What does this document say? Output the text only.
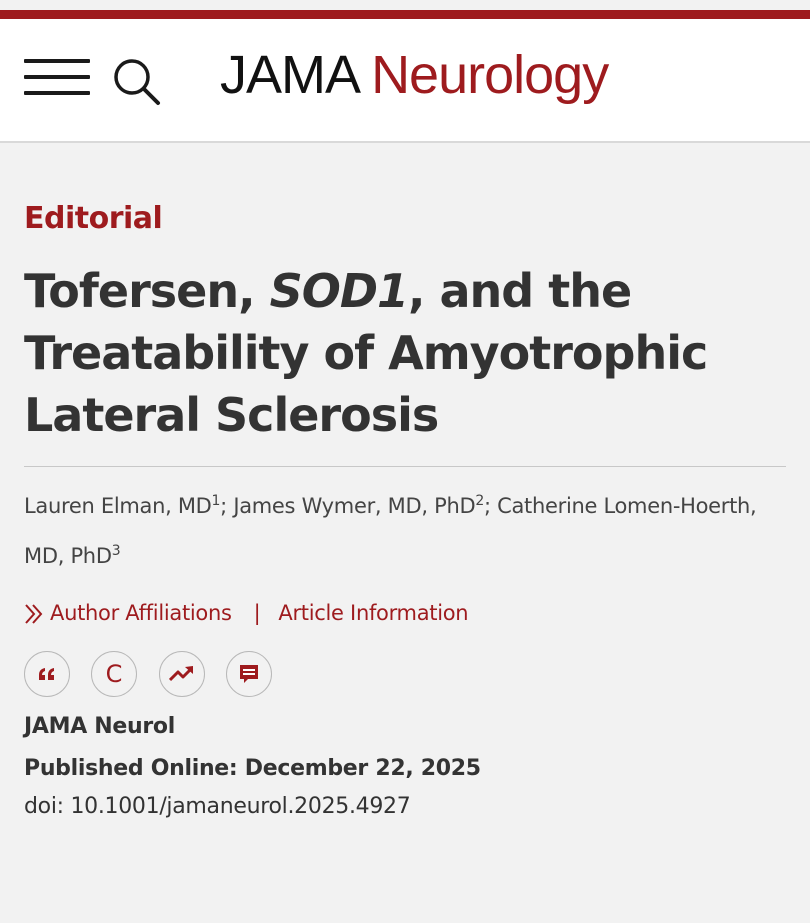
JAMA Neurology
Editorial
Tofersen, SOD1, and the Treatability of Amyotrophic Lateral Sclerosis
Lauren Elman, $MD^1$; James Wymer, MD, PhD$^2$; Catherine Lomen-Hoerth, MD, PhD$^3$
Author Affiliations | Article Information
C
JAMA Neurol
Published Online: December 22, 2025
doi: 10.1001/jamaneurol.2025.4927
